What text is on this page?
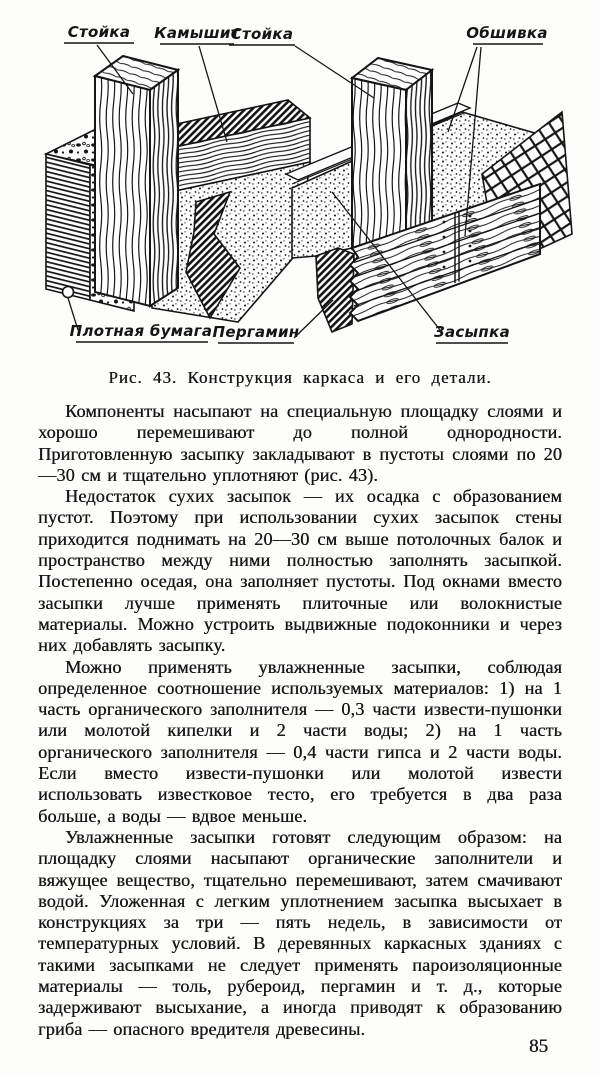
Стойка Камышит
Стойка	Обшивка
Плотная бумага Пергамин	Засыпка
Рис. 43. Конструкция каркаса и его детали.

Компоненты насыпают на специальную площадку слоями и хорошо перемешивают до полной однородности. Приготовленную засыпку закладывают в пустоты слоями по 20—30 см и тщательно уплотняют (рис. 43).

Недостаток сухих засыпок — их осадка с образованием пустот. Поэтому при использовании сухих засыпок стены приходится поднимать на 20—30 см выше потолочных балок и пространство между ними полностью заполнять засыпкой. Постепенно оседая, она заполняет пустоты. Под окнами вместо засыпки лучше применять плиточные или волокнистые материалы. Можно устроить выдвижные подоконники и через них добавлять засыпку.

Можно применять увлажненные засыпки, соблюдая определенное соотношение используемых материалов: 1) на 1 часть органического заполнителя — 0,3 части извести-пушонки или молотой кипелки и 2 части воды; 2) на 1 часть органического заполнителя — 0,4 части гипса и 2 части воды. Если вместо извести-пушонки или молотой извести использовать известковое тесто, его требуется в два раза больше, а воды — вдвое меньше.

Увлажненные засыпки готовят следующим образом: на площадку слоями насыпают органические заполнители и вяжущее вещество, тщательно перемешивают, затем смачивают водой. Уложенная с легким уплотнением засыпка высыхает в конструкциях за три — пять недель, в зависимости от температурных условий. В деревянных каркасных зданиях с такими засыпками не следует применять пароизоляционные материалы — толь, рубероид, пергамин и т. д., которые задерживают высыхание, а иногда приводят к образованию гриба — опасного вредителя древесины.

85
